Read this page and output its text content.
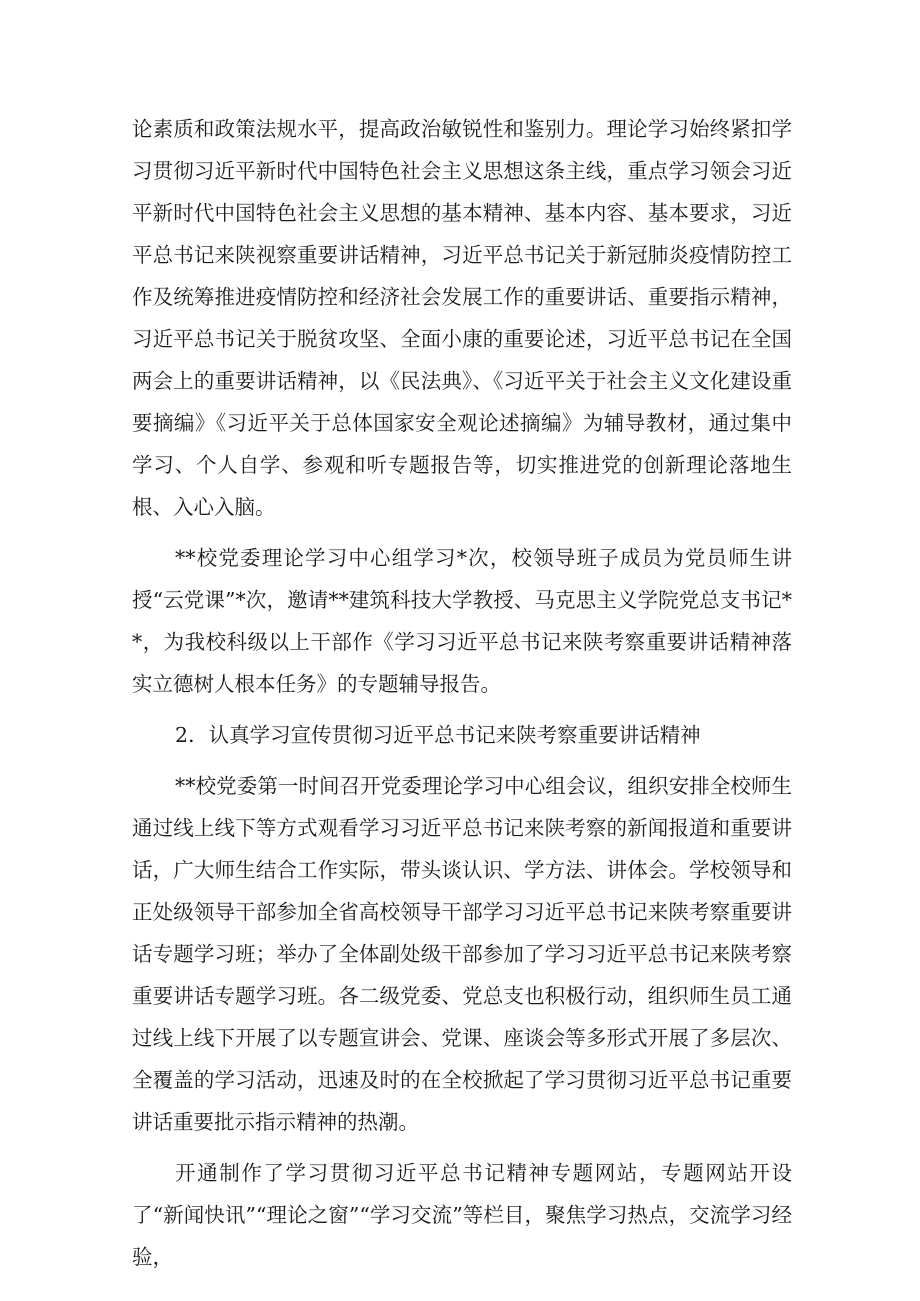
论素质和政策法规水平，提高政治敏锐性和鉴别力。理论学习始终紧扣学习贯彻习近平新时代中国特色社会主义思想这条主线，重点学习领会习近平新时代中国特色社会主义思想的基本精神、基本内容、基本要求，习近平总书记来陕视察重要讲话精神，习近平总书记关于新冠肺炎疫情防控工作及统筹推进疫情防控和经济社会发展工作的重要讲话、重要指示精神，习近平总书记关于脱贫攻坚、全面小康的重要论述，习近平总书记在全国两会上的重要讲话精神，以《民法典》、《习近平关于社会主义文化建设重要摘编》《习近平关于总体国家安全观论述摘编》为辅导教材，通过集中学习、个人自学、参观和听专题报告等，切实推进党的创新理论落地生根、入心入脑。

**校党委理论学习中心组学习*次，校领导班子成员为党员师生讲授“云党课”*次，邀请**建筑科技大学教授、马克思主义学院党总支书记**，为我校科级以上干部作《学习习近平总书记来陕考察重要讲话精神落实立德树人根本任务》的专题辅导报告。

2．认真学习宣传贯彻习近平总书记来陕考察重要讲话精神

**校党委第一时间召开党委理论学习中心组会议，组织安排全校师生通过线上线下等方式观看学习习近平总书记来陕考察的新闻报道和重要讲话，广大师生结合工作实际，带头谈认识、学方法、讲体会。学校领导和正处级领导干部参加全省高校领导干部学习习近平总书记来陕考察重要讲话专题学习班；举办了全体副处级干部参加了学习习近平总书记来陕考察重要讲话专题学习班。各二级党委、党总支也积极行动，组织师生员工通过线上线下开展了以专题宣讲会、党课、座谈会等多形式开展了多层次、全覆盖的学习活动，迅速及时的在全校掀起了学习贯彻习近平总书记重要讲话重要批示指示精神的热潮。

开通制作了学习贯彻习近平总书记精神专题网站，专题网站开设了“新闻快讯”“理论之窗”“学习交流”等栏目，聚焦学习热点，交流学习经验，
